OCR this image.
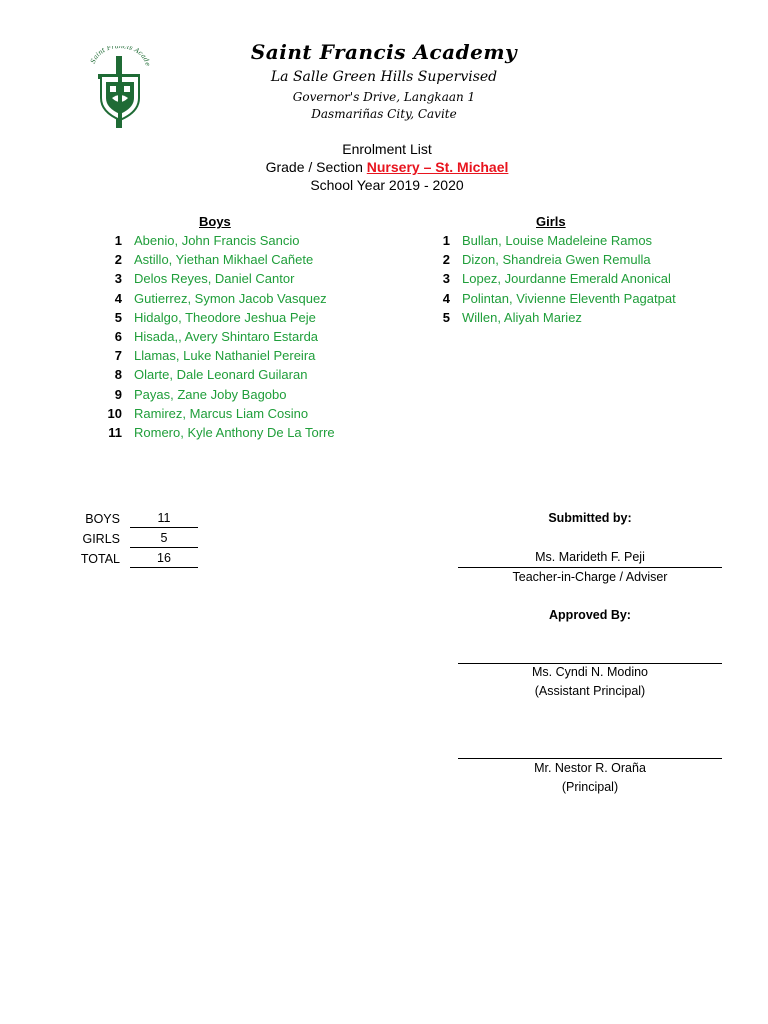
Saint Francis Acade
Saint Francis Academy
La Salle Green Hills Supervised
Governor's Drive, Langkaan 1
Dasmariñas City, Cavite
Enrolment List
Grade / Section Nursery – St. Michael
School Year 2019 - 2020
Boys
1 Abenio, John Francis Sancio
2 Astillo, Yiethan Mikhael Cañete
3 Delos Reyes, Daniel Cantor
4 Gutierrez, Symon Jacob Vasquez
5 Hidalgo, Theodore Jeshua Peje
6 Hisada,, Avery Shintaro Estarda
7 Llamas, Luke Nathaniel Pereira
8 Olarte, Dale Leonard Guilaran
9 Payas, Zane Joby Bagobo
10 Ramirez, Marcus Liam Cosino
11 Romero, Kyle Anthony De La Torre
Girls
1 Bullan, Louise Madeleine Ramos
2 Dizon, Shandreia Gwen Remulla
3 Lopez, Jourdanne Emerald Anonical
4 Polintan, Vivienne Eleventh Pagatpat
5 Willen, Aliyah Mariez
BOYS	11
GIRLS	5
TOTAL	16
Submitted by:
Ms. Marideth F. Peji
Teacher-in-Charge / Adviser
Approved By:
Ms. Cyndi N. Modino
(Assistant Principal)
Mr. Nestor R. Oraña
(Principal)
